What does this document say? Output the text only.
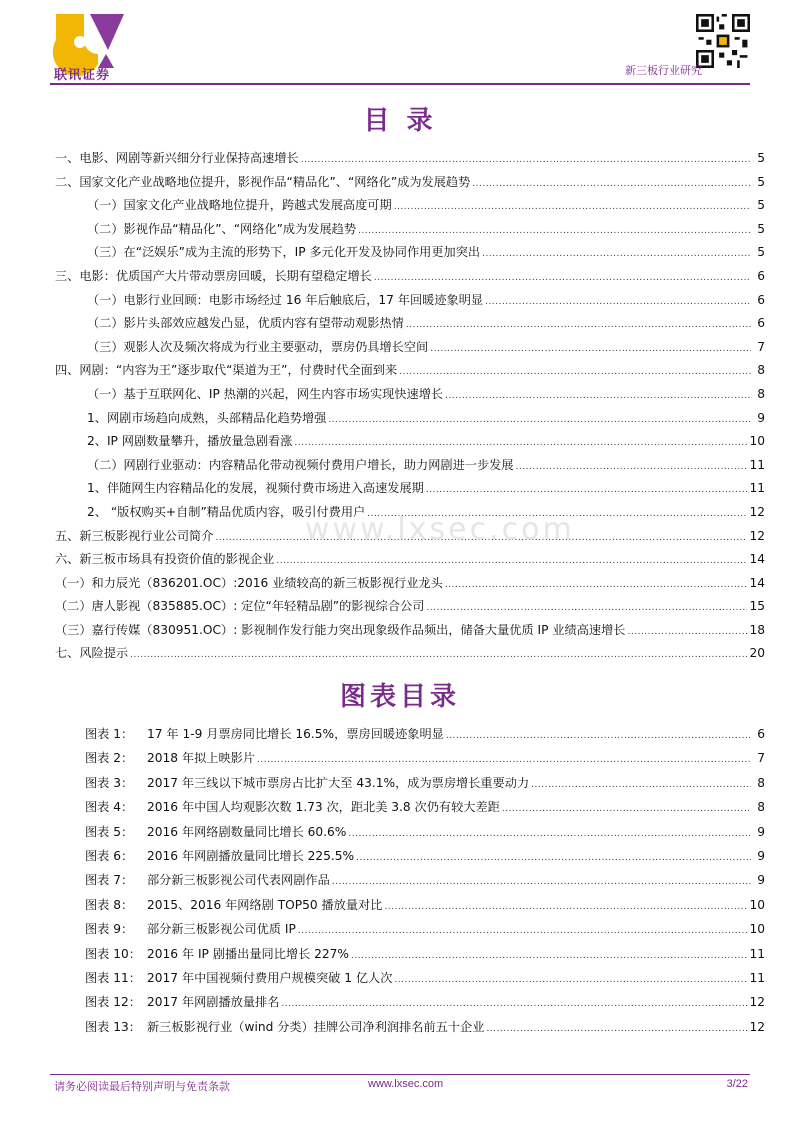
联讯证券	新三板行业研究
目 录
一、电影、网剧等新兴细分行业保持高速增长 .....	5
二、国家文化产业战略地位提升，影视作品“精品化”、“网络化”成为发展趋势 .....	5
（一）国家文化产业战略地位提升，跨越式发展高度可期 .....	5
（二）影视作品“精品化”、“网络化”成为发展趋势 .....	5
（三）在“泛娱乐”成为主流的形势下，IP 多元化开发及协同作用更加突出 .....	5
三、电影：优质国产大片带动票房回暖，长期有望稳定增长 .....	6
（一）电影行业回顾：电影市场经过 16 年后触底后，17 年回暖迹象明显 .....	6
（二）影片头部效应越发凸显，优质内容有望带动观影热情 .....	6
（三）观影人次及频次将成为行业主要驱动，票房仍具增长空间 .....	7
四、网剧：“内容为王”逐步取代“渠道为王”，付费时代全面到来 .....	8
（一）基于互联网化、IP 热潮的兴起，网生内容市场实现快速增长 .....	8
1、网剧市场趋向成熟，头部精品化趋势增强 .....	9
2、IP 网剧数量攀升，播放量急剧看涨 .....	10
（二）网剧行业驱动：内容精品化带动视频付费用户增长，助力网剧进一步发展 .....	11
1、伴随网生内容精品化的发展，视频付费市场进入高速发展期 .....	11
2、 “版权购买+自制”精品优质内容，吸引付费用户 .....	12
五、新三板影视行业公司简介 .....	12
六、新三板市场具有投资价值的影视企业 .....	14
（一）和力辰光（836201.OC）:2016 业绩较高的新三板影视行业龙头 .....	14
（二）唐人影视（835885.OC）: 定位“年轻精品剧”的影视综合公司 .....	15
（三）嘉行传媒（830951.OC）: 影视制作发行能力突出现象级作品频出，储备大量优质 IP 业绩高速增长 .....	18
七、风险提示 .....	20
www.lxsec.com
图表目录
图表 1：	17 年 1-9 月票房同比增长 16.5%，票房回暖迹象明显 .....	6
图表 2：	2018 年拟上映影片 .....	7
图表 3：	2017 年三线以下城市票房占比扩大至 43.1%，成为票房增长重要动力 .....	8
图表 4：	2016 年中国人均观影次数 1.73 次，距北美 3.8 次仍有较大差距 .....	8
图表 5：	2016 年网络剧数量同比增长 60.6% .....	9
图表 6：	2016 年网剧播放量同比增长 225.5% .....	9
图表 7：	部分新三板影视公司代表网剧作品 .....	9
图表 8：	2015、2016 年网络剧 TOP50 播放量对比 .....	10
图表 9：	部分新三板影视公司优质 IP .....	10
图表 10： 2016 年 IP 剧播出量同比增长 227% .....	11
图表 11： 2017 年中国视频付费用户规模突破 1 亿人次 .....	11
图表 12： 2017 年网剧播放量排名 .....	12
图表 13： 新三板影视行业（wind 分类）挂牌公司净利润排名前五十企业 .....	12
请务必阅读最后特别声明与免责条款	www.lxsec.com	3/22
